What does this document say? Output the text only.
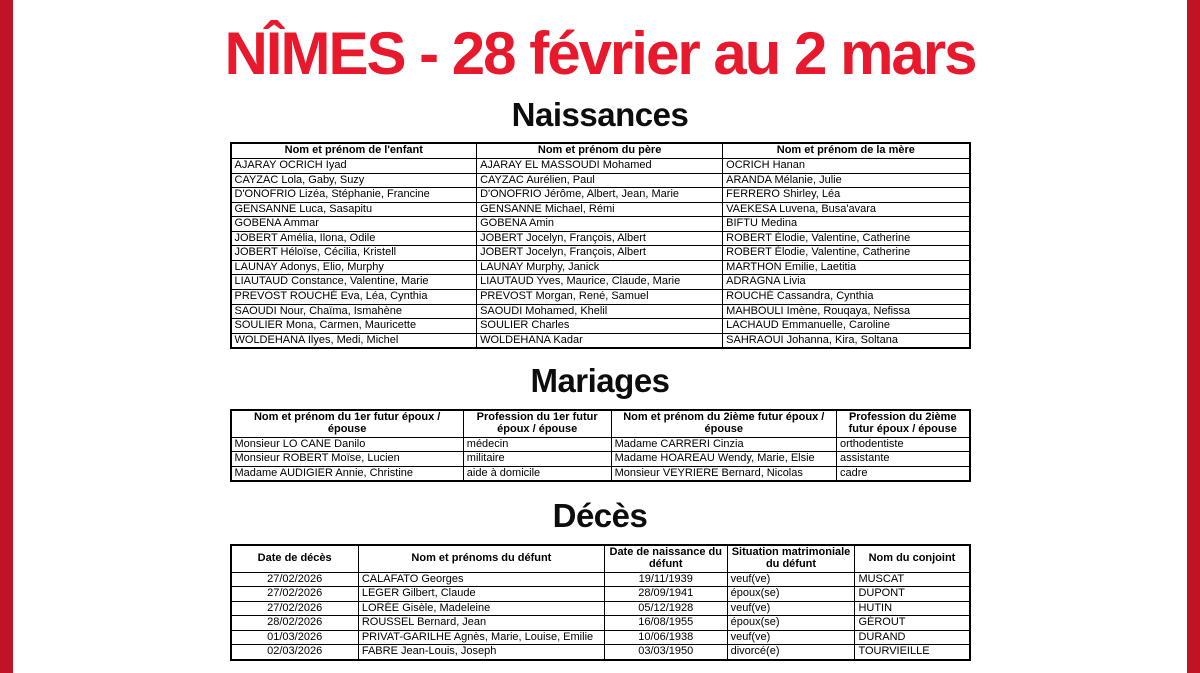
NÎMES - 28 février au 2 mars
Naissances
Nom et prénom de l'enfant	Nom et prénom du père	Nom et prénom de la mère
AJARAY OCRICH Iyad	AJARAY EL MASSOUDI Mohamed	OCRICH Hanan
CAYZAC Lola, Gaby, Suzy	CAYZAC Aurélien, Paul	ARANDA Mélanie, Julie
D'ONOFRIO Lizéa, Stéphanie, Francine	D'ONOFRIO Jérôme, Albert, Jean, Marie	FERRERO Shirley, Léa
GENSANNE Luca, Sasapitu	GENSANNE Michael, Rémi	VAEKESA Luvena, Busa'avara
GOBENA Ammar	GOBENA Amin	BIFTU Medina
JOBERT Amélia, Ilona, Odile	JOBERT Jocelyn, François, Albert	ROBERT Élodie, Valentine, Catherine
JOBERT Héloïse, Cécilia, Kristell	JOBERT Jocelyn, François, Albert	ROBERT Élodie, Valentine, Catherine
LAUNAY Adonys, Elio, Murphy	LAUNAY Murphy, Janick	MARTHON Emilie, Laetitia
LIAUTAUD Constance, Valentine, Marie	LIAUTAUD Yves, Maurice, Claude, Marie	ADRAGNA Livia
PREVOST ROUCHÉ Eva, Léa, Cynthia	PREVOST Morgan, René, Samuel	ROUCHÉ Cassandra, Cynthia
SAOUDI Nour, Chaïma, Ismahène	SAOUDI Mohamed, Khelil	MAHBOULI Imène, Rouqaya, Nefissa
SOULIER Mona, Carmen, Mauricette	SOULIER Charles	LACHAUD Emmanuelle, Caroline
WOLDEHANA Ilyes, Medi, Michel	WOLDEHANA Kadar	SAHRAOUI Johanna, Kira, Soltana
Mariages
Nom et prénom du 1er futur époux / épouse	Profession du 1er futur époux / épouse	Nom et prénom du 2ième futur époux / épouse	Profession du 2ième futur époux / épouse
Monsieur LO CANE Danilo	médecin	Madame CARRERI Cinzia	orthodentiste
Monsieur ROBERT Moïse, Lucien	militaire	Madame HOAREAU Wendy, Marie, Elsie	assistante
Madame AUDIGIER Annie, Christine	aide à domicile	Monsieur VEYRIERE Bernard, Nicolas	cadre
Décès
Date de décès	Nom et prénoms du défunt	Date de naissance du défunt	Situation matrimoniale du défunt	Nom du conjoint
27/02/2026	CALAFATO Georges	19/11/1939	veuf(ve)	MUSCAT
27/02/2026	LEGER Gilbert, Claude	28/09/1941	époux(se)	DUPONT
27/02/2026	LORÉE Gisèle, Madeleine	05/12/1928	veuf(ve)	HUTIN
28/02/2026	ROUSSEL Bernard, Jean	16/08/1955	époux(se)	GÉROUT
01/03/2026	PRIVAT-GARILHE Agnès, Marie, Louise, Emilie	10/06/1938	veuf(ve)	DURAND
02/03/2026	FABRE Jean-Louis, Joseph	03/03/1950	divorcé(e)	TOURVIEILLE
